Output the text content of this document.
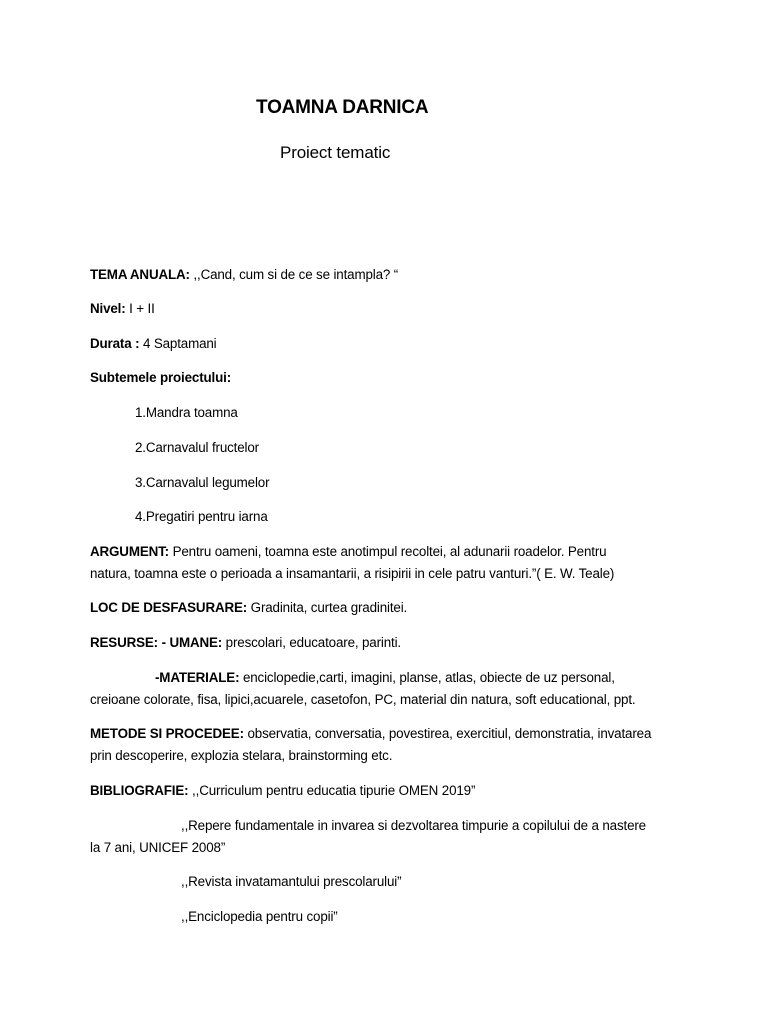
TOAMNA DARNICA
Proiect tematic
TEMA ANUALA: ,,Cand, cum si de ce se intampla? “
Nivel: I + II
Durata : 4 Saptamani
Subtemele proiectului:
1.Mandra toamna
2.Carnavalul fructelor
3.Carnavalul legumelor
4.Pregatiri pentru iarna
ARGUMENT: Pentru oameni, toamna este anotimpul recoltei, al adunarii roadelor. Pentru
natura, toamna este o perioada a insamantarii, a risipirii in cele patru vanturi.”( E. W. Teale)
LOC DE DESFASURARE: Gradinita, curtea gradinitei.
RESURSE: - UMANE: prescolari, educatoare, parinti.
-MATERIALE: enciclopedie,carti, imagini, planse, atlas, obiecte de uz personal,
creioane colorate, fisa, lipici,acuarele, casetofon, PC, material din natura, soft educational, ppt.
METODE SI PROCEDEE: observatia, conversatia, povestirea, exercitiul, demonstratia, invatarea
prin descoperire, explozia stelara, brainstorming etc.
BIBLIOGRAFIE: ,,Curriculum pentru educatia tipurie OMEN 2019”
,,Repere fundamentale in invarea si dezvoltarea timpurie a copilului de a nastere
la 7 ani, UNICEF 2008”
,,Revista invatamantului prescolarului”
,,Enciclopedia pentru copii”
